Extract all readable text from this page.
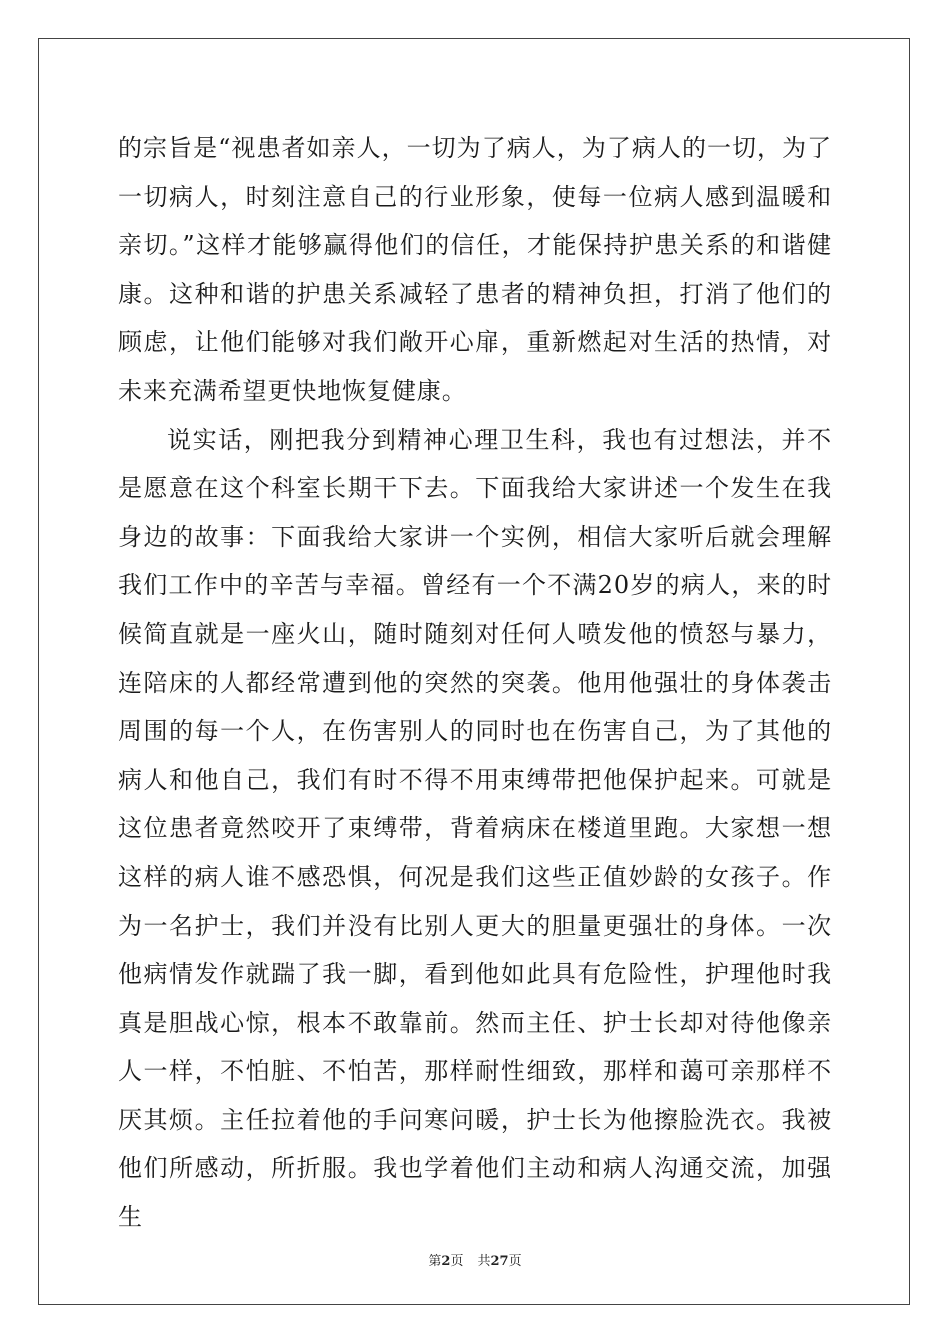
的宗旨是“视患者如亲人，一切为了病人，为了病人的一切，为了一切病人，时刻注意自己的行业形象，使每一位病人感到温暖和亲切。”这样才能够赢得他们的信任，才能保持护患关系的和谐健康。这种和谐的护患关系减轻了患者的精神负担，打消了他们的顾虑，让他们能够对我们敞开心扉，重新燃起对生活的热情，对未来充满希望更快地恢复健康。

说实话，刚把我分到精神心理卫生科，我也有过想法，并不是愿意在这个科室长期干下去。下面我给大家讲述一个发生在我身边的故事：下面我给大家讲一个实例，相信大家听后就会理解我们工作中的辛苦与幸福。曾经有一个不满20岁的病人，来的时候简直就是一座火山，随时随刻对任何人喷发他的愤怒与暴力，连陪床的人都经常遭到他的突然的突袭。他用他强壮的身体袭击周围的每一个人，在伤害别人的同时也在伤害自己，为了其他的病人和他自己，我们有时不得不用束缚带把他保护起来。可就是这位患者竟然咬开了束缚带，背着病床在楼道里跑。大家想一想这样的病人谁不感恐惧，何况是我们这些正值妙龄的女孩子。作为一名护士，我们并没有比别人更大的胆量更强壮的身体。一次他病情发作就踹了我一脚，看到他如此具有危险性，护理他时我真是胆战心惊，根本不敢靠前。然而主任、护士长却对待他像亲人一样，不怕脏、不怕苦，那样耐性细致，那样和蔼可亲那样不厌其烦。主任拉着他的手问寒问暖，护士长为他擦脸洗衣。我被他们所感动，所折服。我也学着他们主动和病人沟通交流，加强生

第2页 共27页
